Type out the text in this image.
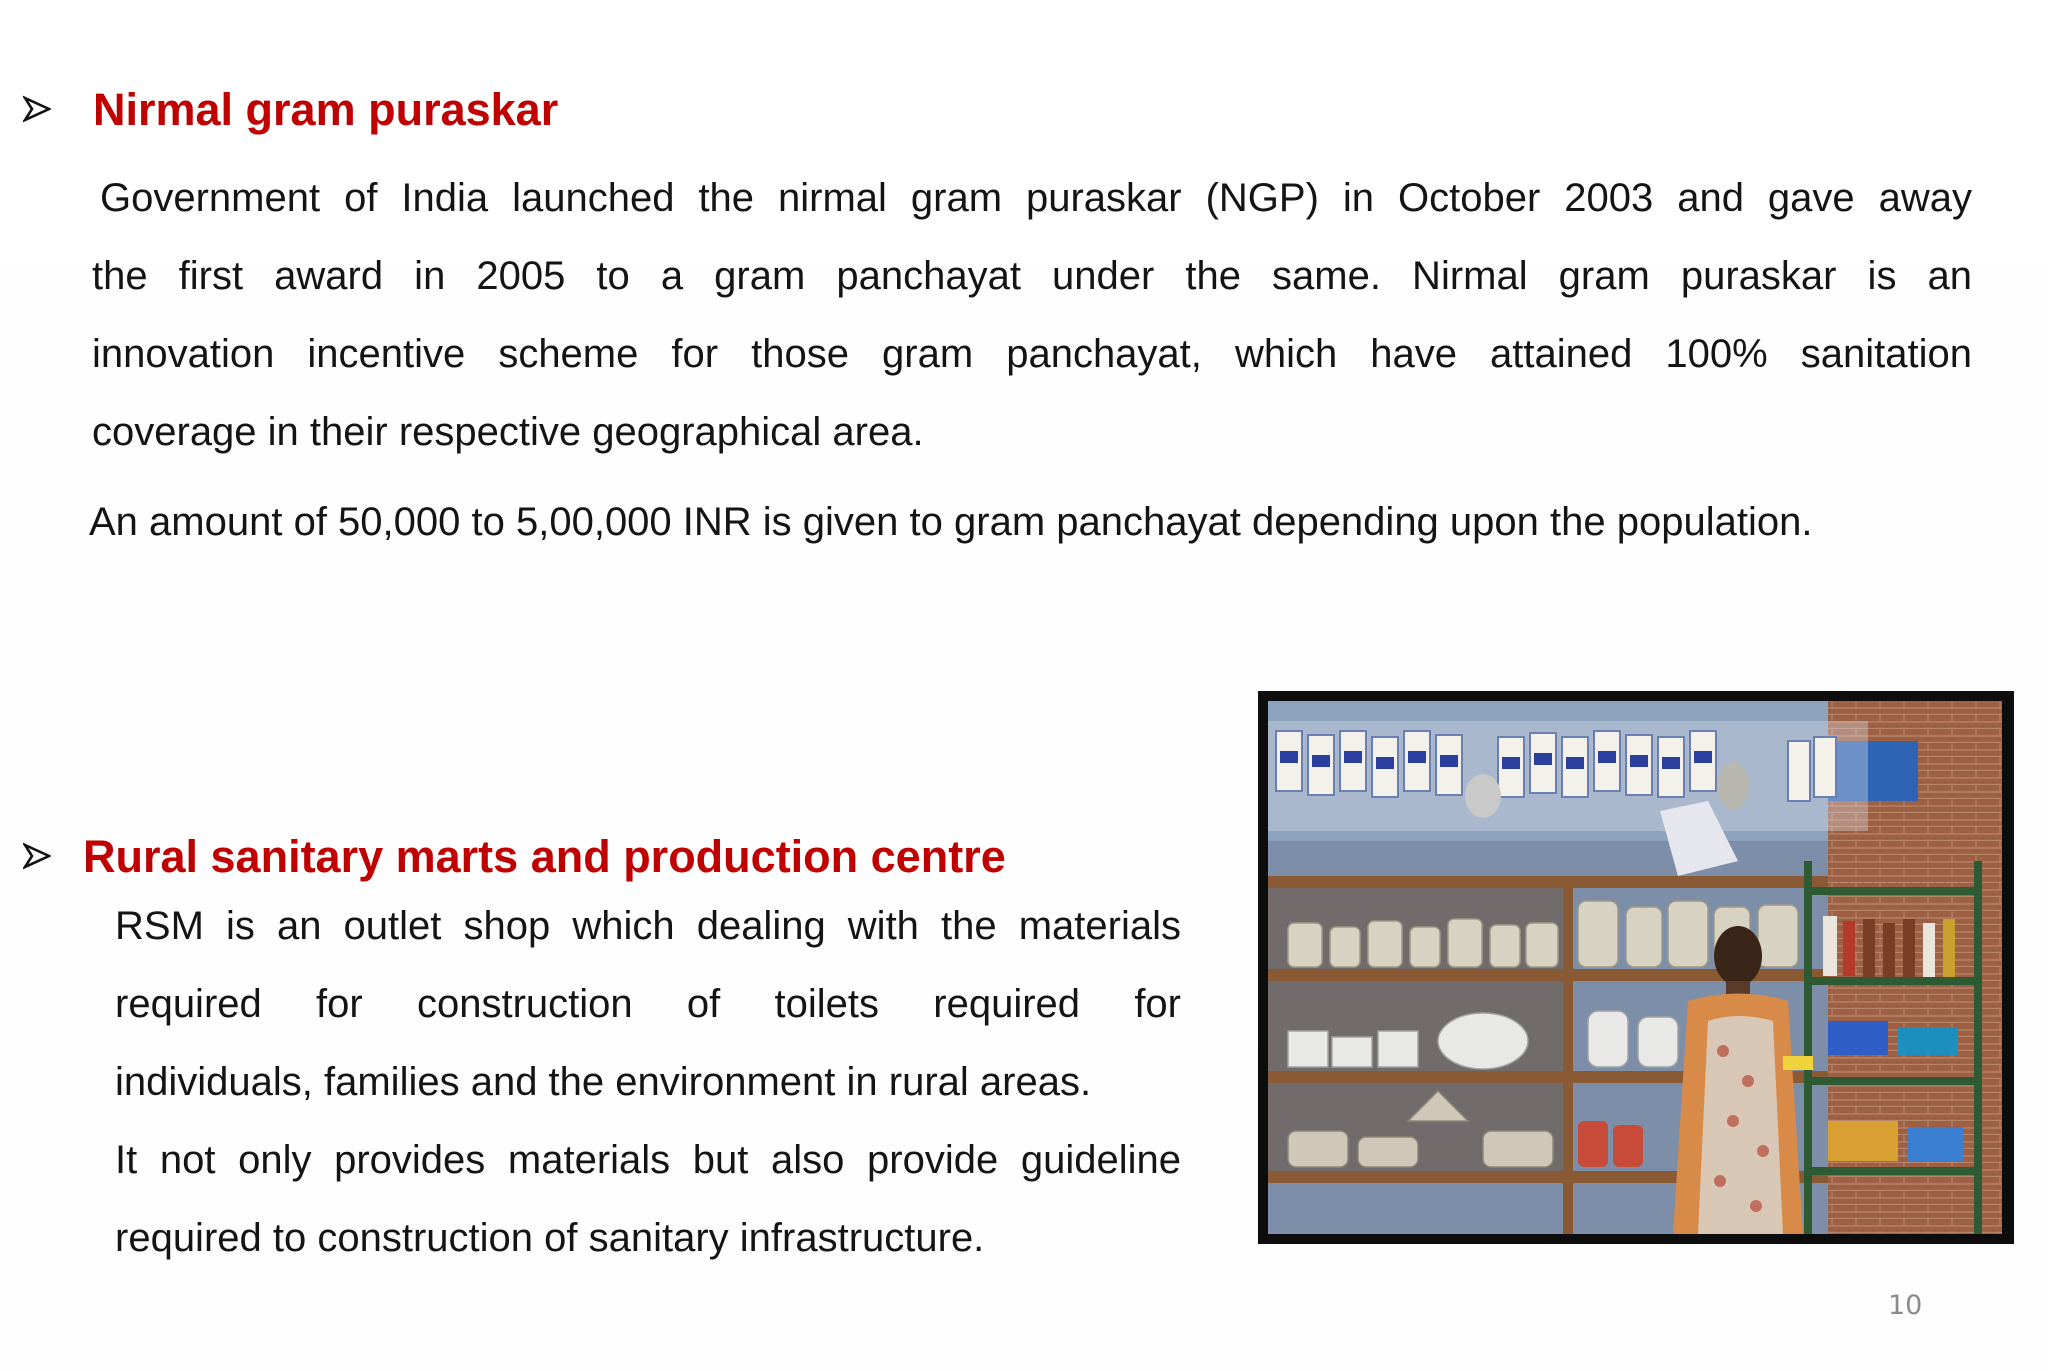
Nirmal gram puraskar
Government of India launched the nirmal gram puraskar (NGP) in October 2003 and gave away
the first award in 2005 to a gram panchayat under the same. Nirmal gram puraskar is an
innovation incentive scheme for those gram panchayat, which have attained 100% sanitation
coverage in their respective geographical area.
An amount of 50,000 to 5,00,000 INR is given to gram panchayat depending upon the population.
Rural sanitary marts and production centre
RSM is an outlet shop which dealing with the materials
required for construction of toilets required for
individuals, families and the environment in rural areas.
It not only provides materials but also provide guideline
required to construction of sanitary infrastructure.
10
